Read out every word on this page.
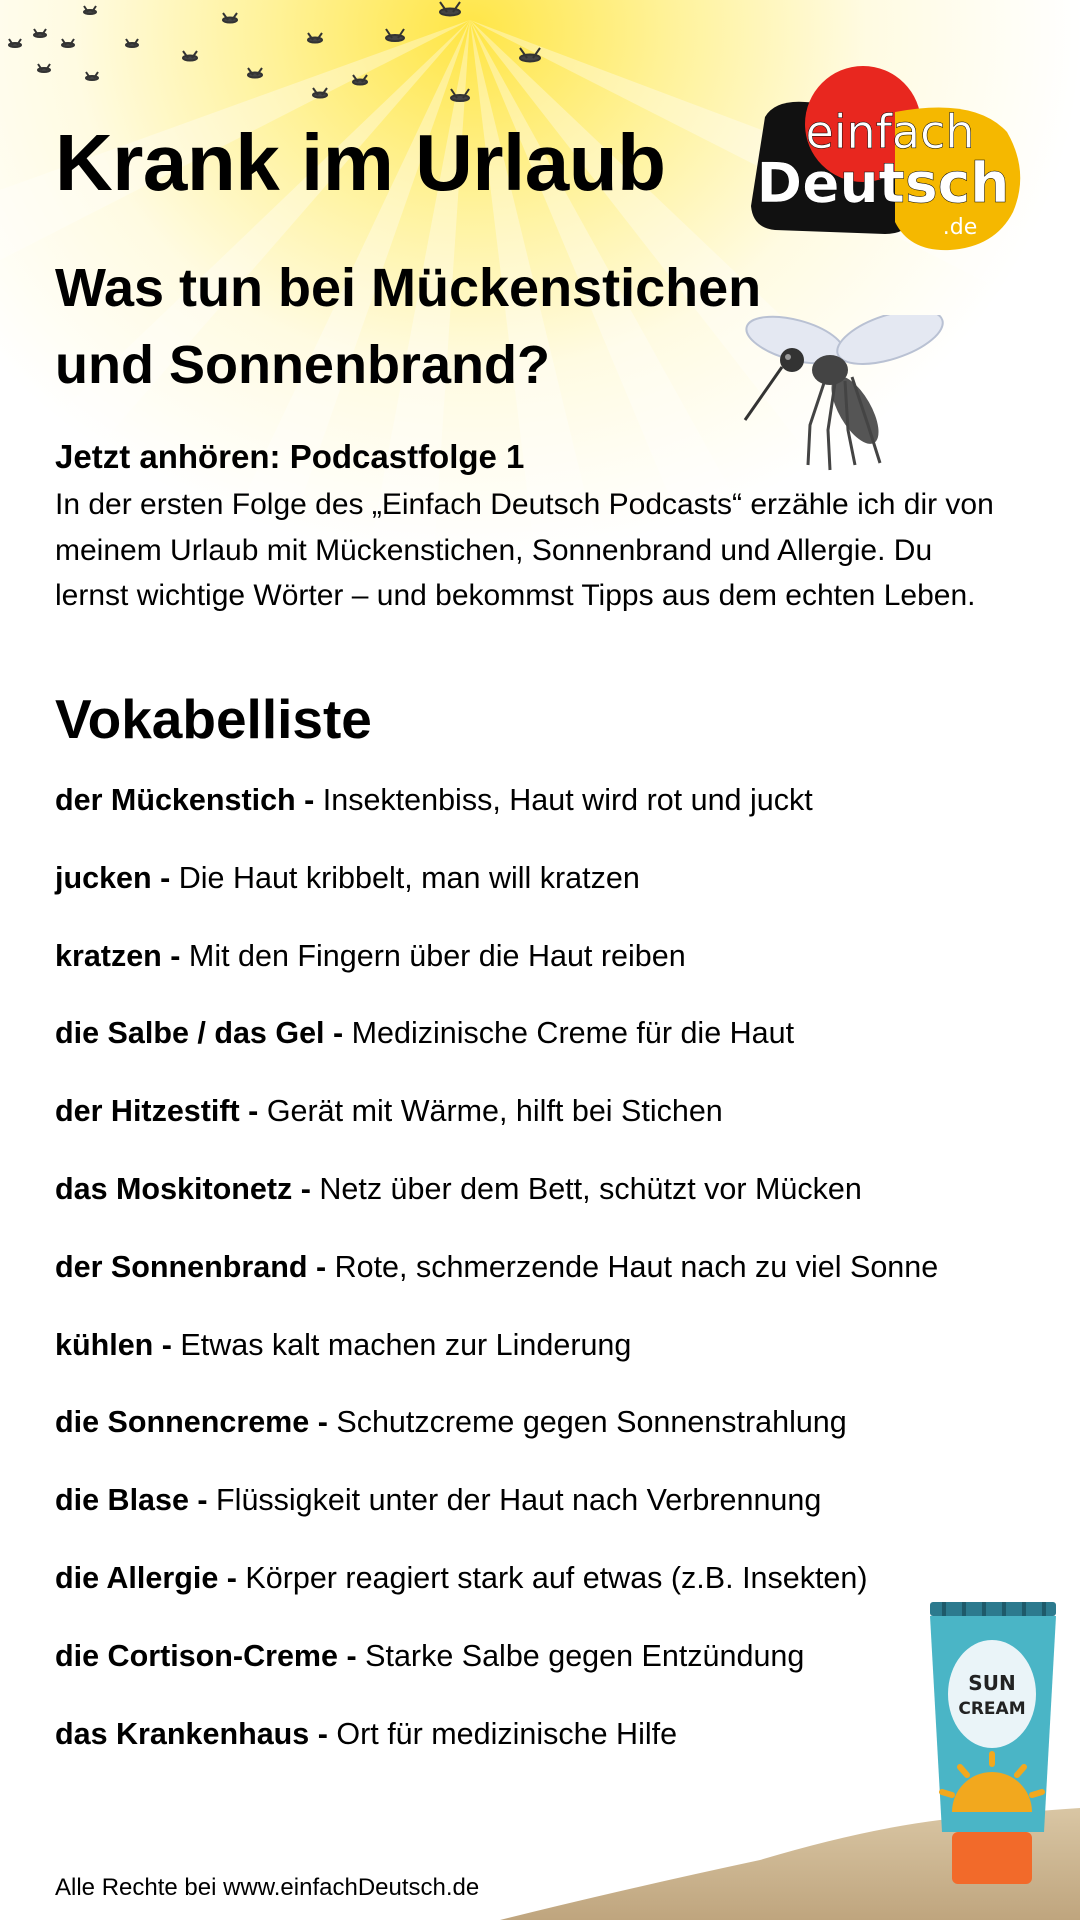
einfach
Deutsch
.de
SUN
CREAM
Krank im Urlaub
Was tun bei Mückenstichen
und Sonnenbrand?
Jetzt anhören: Podcastfolge 1

In der ersten Folge des „Einfach Deutsch Podcasts“ erzähle ich dir von meinem Urlaub mit Mückenstichen, Sonnenbrand und Allergie. Du lernst wichtige Wörter – und bekommst Tipps aus dem echten Leben.

Vokabelliste
der Mückenstich - Insektenbiss, Haut wird rot und juckt
jucken - Die Haut kribbelt, man will kratzen
kratzen - Mit den Fingern über die Haut reiben
die Salbe / das Gel - Medizinische Creme für die Haut
der Hitzestift - Gerät mit Wärme, hilft bei Stichen
das Moskitonetz - Netz über dem Bett, schützt vor Mücken
der Sonnenbrand - Rote, schmerzende Haut nach zu viel Sonne
kühlen - Etwas kalt machen zur Linderung
die Sonnencreme - Schutzcreme gegen Sonnenstrahlung
die Blase - Flüssigkeit unter der Haut nach Verbrennung
die Allergie - Körper reagiert stark auf etwas (z.B. Insekten)
die Cortison-Creme - Starke Salbe gegen Entzündung
das Krankenhaus - Ort für medizinische Hilfe
Alle Rechte bei www.einfachDeutsch.de
